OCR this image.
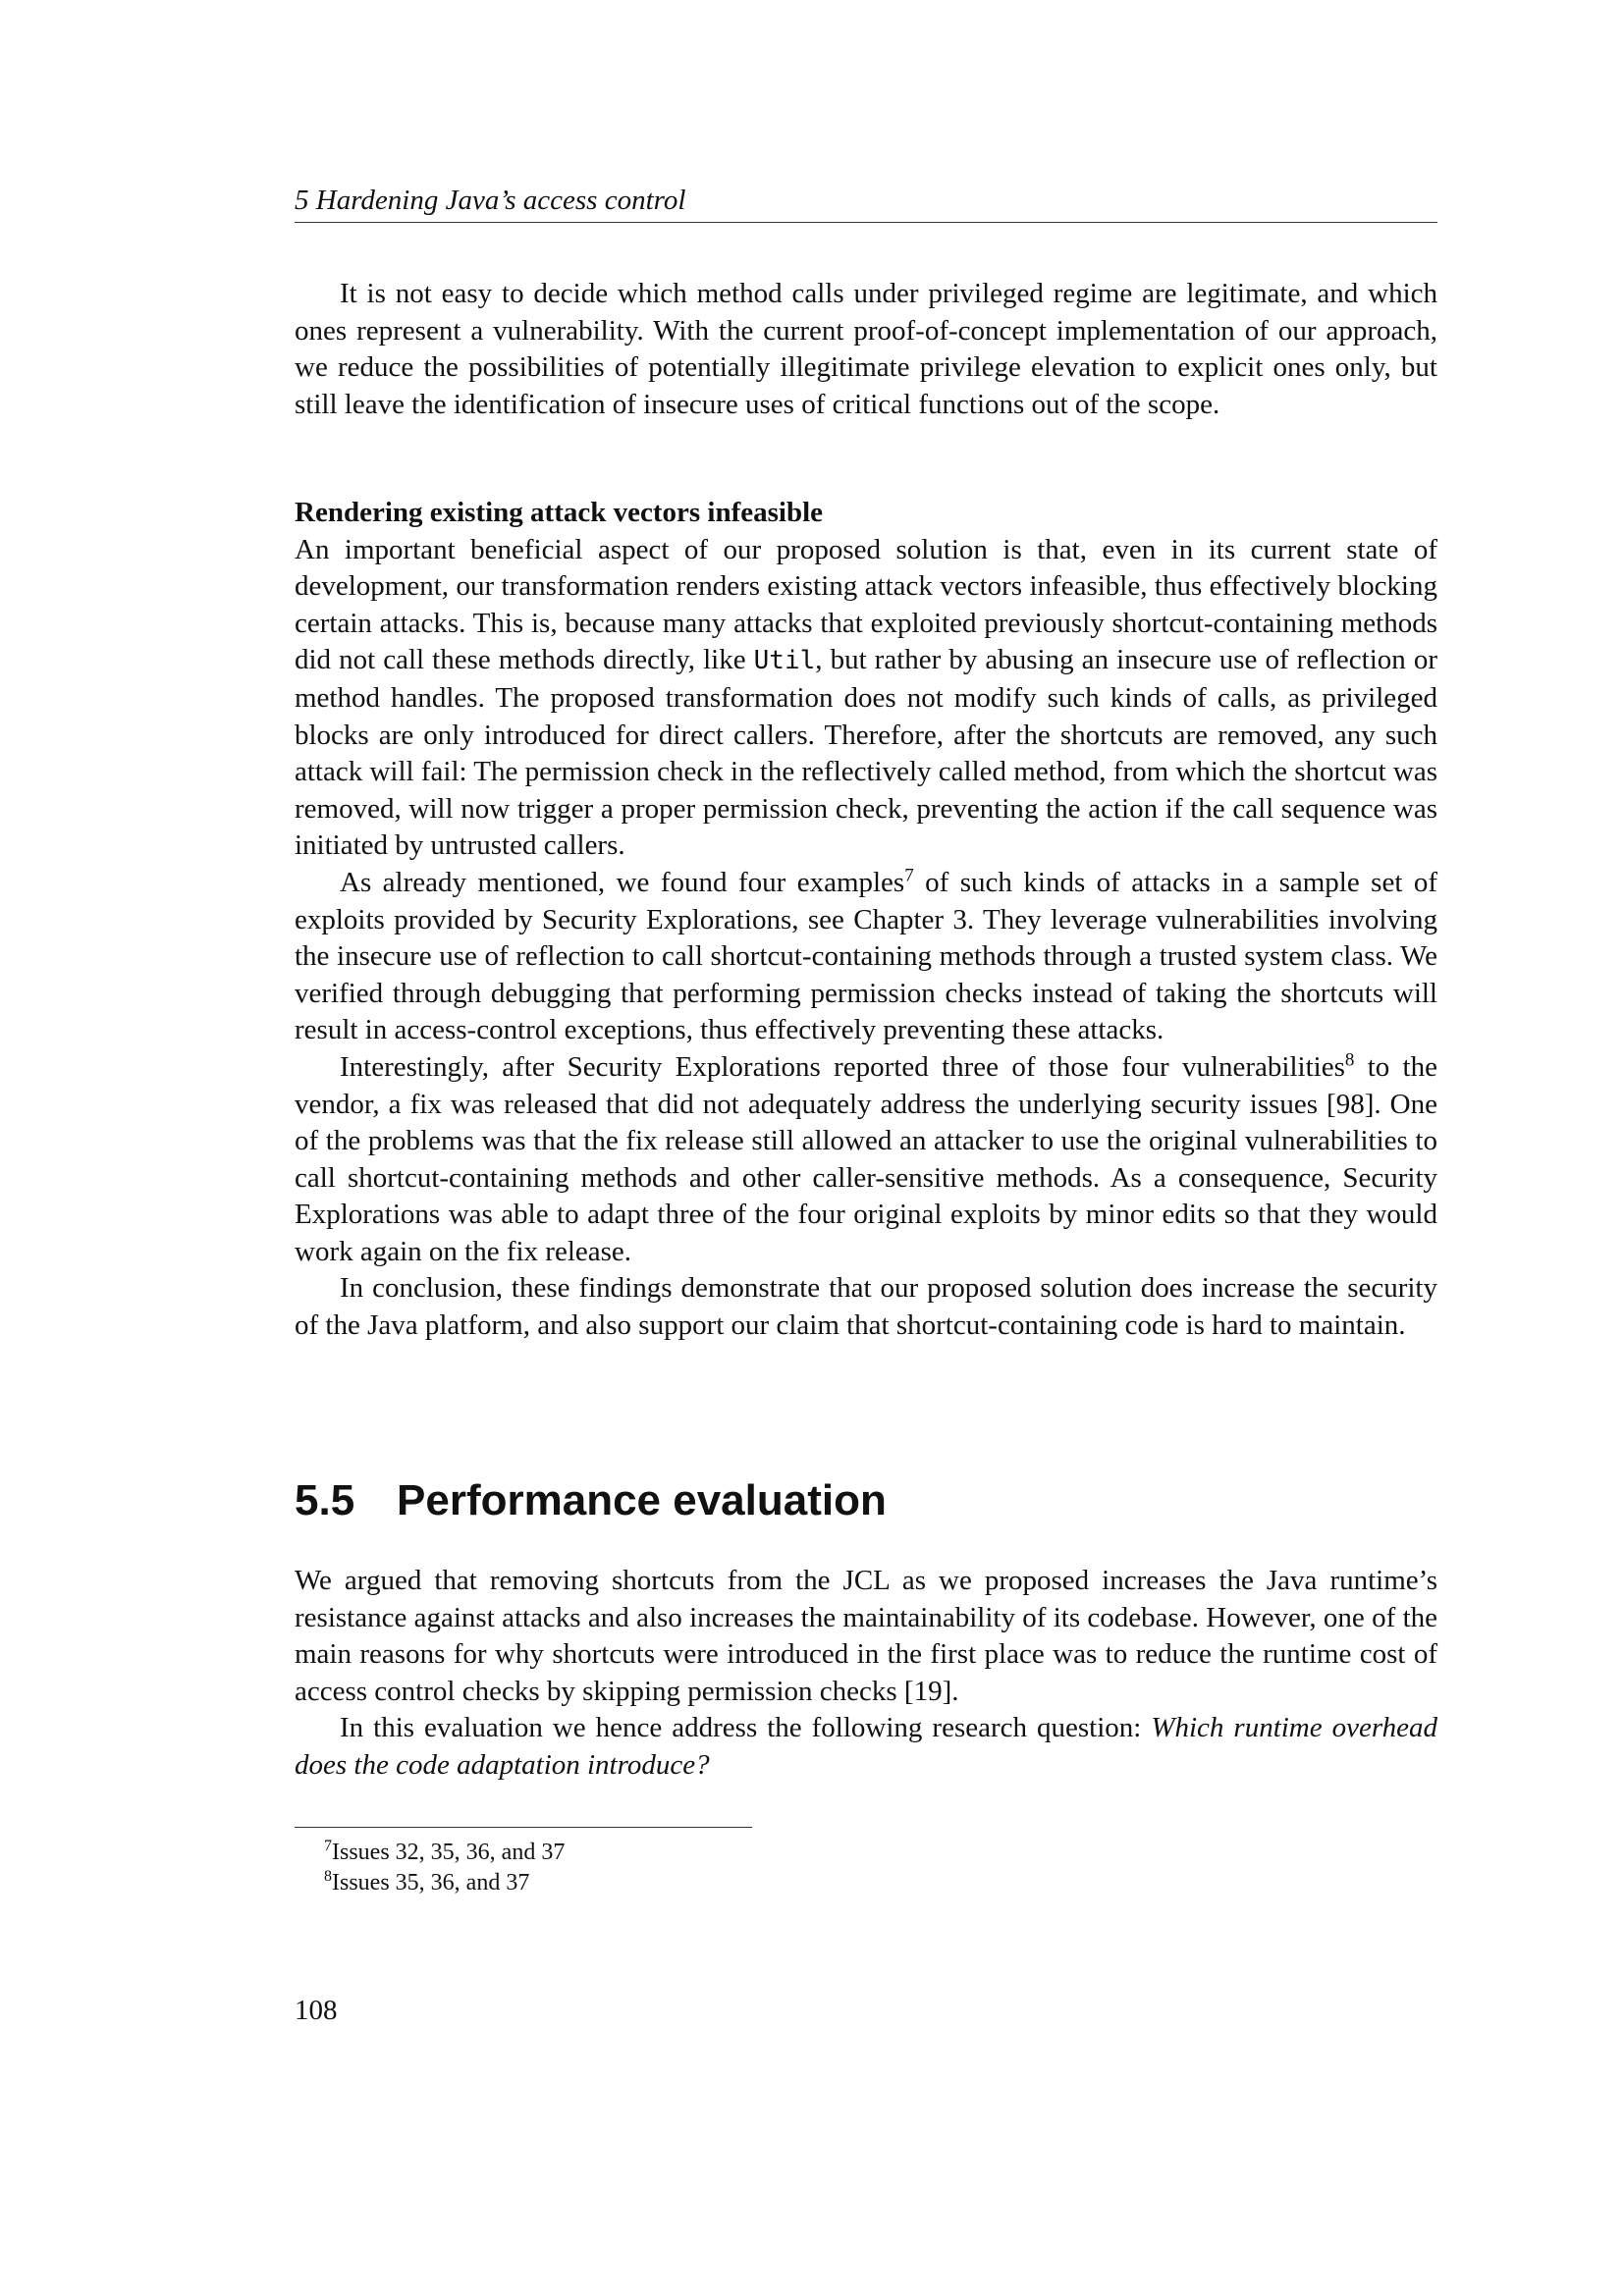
5 Hardening Java’s access control

It is not easy to decide which method calls under privileged regime are legitimate, and which ones represent a vulnerability. With the current proof-of-concept implementation of our approach, we reduce the possibilities of potentially illegitimate privilege elevation to explicit ones only, but still leave the identification of insecure uses of critical functions out of the scope.

Rendering existing attack vectors infeasible

An important beneficial aspect of our proposed solution is that, even in its current state of development, our transformation renders existing attack vectors infeasible, thus effectively blocking certain attacks. This is, because many attacks that exploited previously shortcut-containing methods did not call these methods directly, like Util, but rather by abusing an insecure use of reflection or method handles. The proposed transformation does not modify such kinds of calls, as privileged blocks are only introduced for direct callers. Therefore, after the shortcuts are removed, any such attack will fail: The permission check in the reflectively called method, from which the shortcut was removed, will now trigger a proper permission check, preventing the action if the call sequence was initiated by untrusted callers.

As already mentioned, we found four examples$^7$ of such kinds of attacks in a sample set of exploits provided by Security Explorations, see Chapter 3. They leverage vulnerabilities involving the insecure use of reflection to call shortcut-containing methods through a trusted system class. We verified through debugging that performing permission checks instead of taking the shortcuts will result in access-control exceptions, thus effectively preventing these attacks.

Interestingly, after Security Explorations reported three of those four vulnerabilities$^8$ to the vendor, a fix was released that did not adequately address the underlying security issues [98]. One of the problems was that the fix release still allowed an attacker to use the original vulnerabilities to call shortcut-containing methods and other caller-sensitive methods. As a consequence, Security Explorations was able to adapt three of the four original exploits by minor edits so that they would work again on the fix release.

In conclusion, these findings demonstrate that our proposed solution does increase the security of the Java platform, and also support our claim that shortcut-containing code is hard to maintain.

5.5 Performance evaluation

We argued that removing shortcuts from the JCL as we proposed increases the Java runtime’s resistance against attacks and also increases the maintainability of its codebase. However, one of the main reasons for why shortcuts were introduced in the first place was to reduce the runtime cost of access control checks by skipping permission checks [19].

In this evaluation we hence address the following research question: Which runtime overhead does the code adaptation introduce?

$^7$Issues 32, 35, 36, and 37
$^8$Issues 35, 36, and 37
108
